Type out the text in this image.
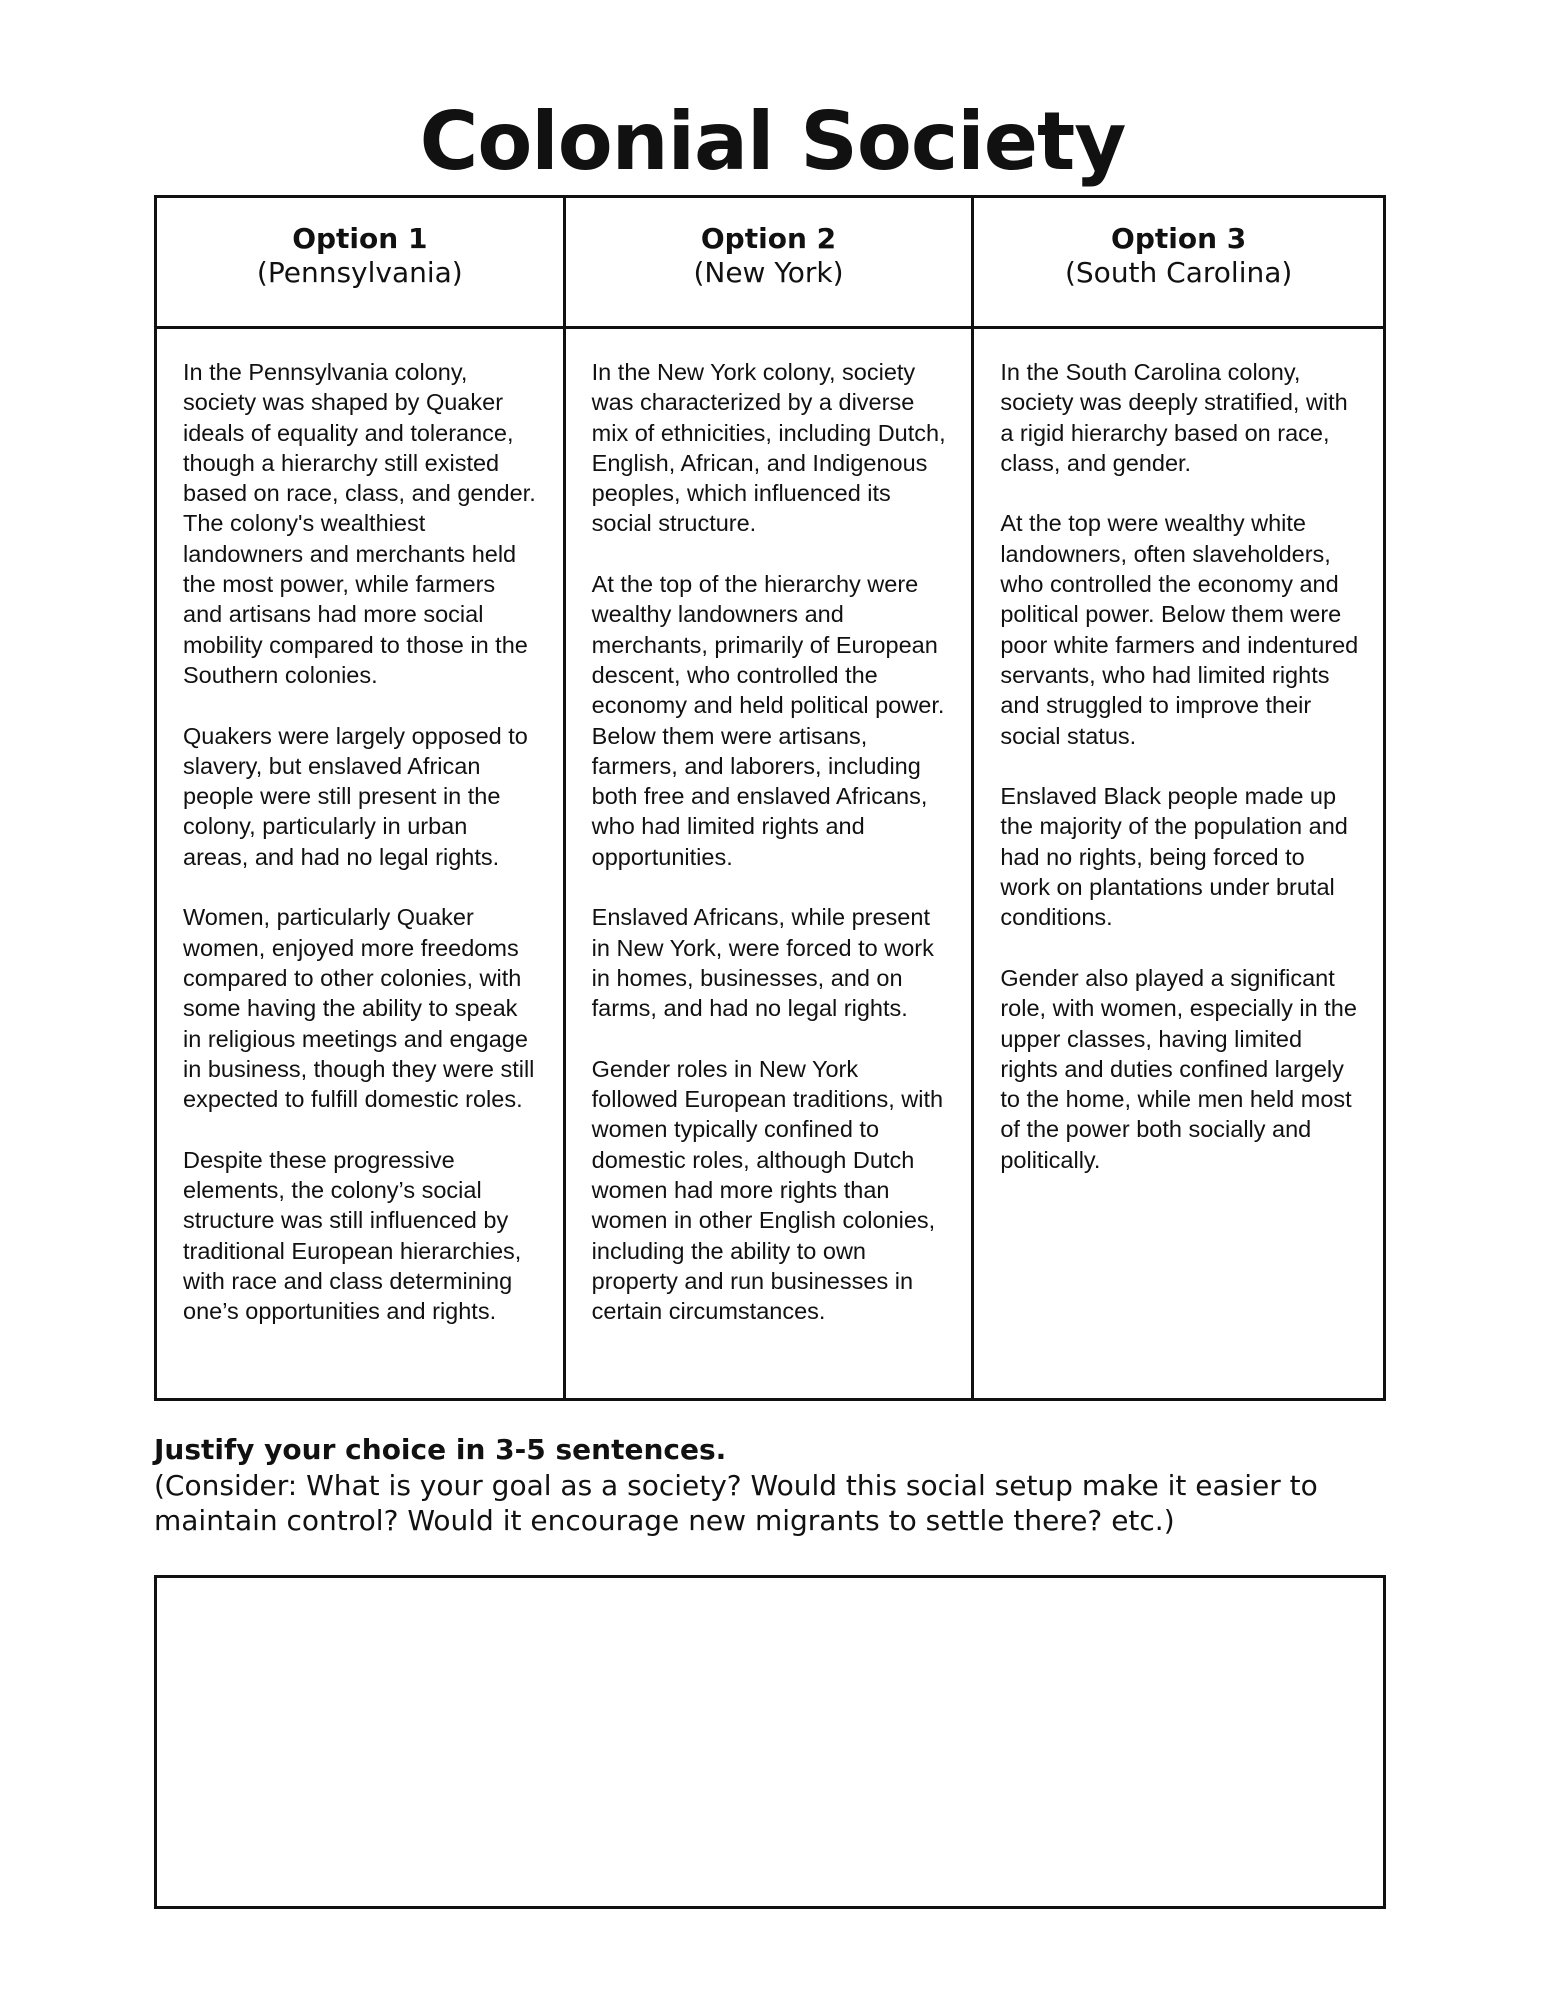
Colonial Society
Option 1
(Pennsylvania)
Option 2
(New York)
Option 3
(South Carolina)

In the Pennsylvania colony, society was shaped by Quaker ideals of equality and tolerance, though a hierarchy still existed based on race, class, and gender. The colony's wealthiest landowners and merchants held the most power, while farmers and artisans had more social mobility compared to those in the Southern colonies.

Quakers were largely opposed to slavery, but enslaved African people were still present in the colony, particularly in urban areas, and had no legal rights.

Women, particularly Quaker women, enjoyed more freedoms compared to other colonies, with some having the ability to speak in religious meetings and engage in business, though they were still expected to fulfill domestic roles.

Despite these progressive elements, the colony’s social structure was still influenced by traditional European hierarchies, with race and class determining one’s opportunities and rights.

In the New York colony, society was characterized by a diverse mix of ethnicities, including Dutch, English, African, and Indigenous peoples, which influenced its social structure.

At the top of the hierarchy were wealthy landowners and merchants, primarily of European descent, who controlled the economy and held political power. Below them were artisans, farmers, and laborers, including both free and enslaved Africans, who had limited rights and opportunities.

Enslaved Africans, while present in New York, were forced to work in homes, businesses, and on farms, and had no legal rights.

Gender roles in New York followed European traditions, with women typically confined to domestic roles, although Dutch women had more rights than women in other English colonies, including the ability to own property and run businesses in certain circumstances.

In the South Carolina colony, society was deeply stratified, with a rigid hierarchy based on race, class, and gender.

At the top were wealthy white landowners, often slaveholders, who controlled the economy and political power. Below them were poor white farmers and indentured servants, who had limited rights and struggled to improve their social status.

Enslaved Black people made up the majority of the population and had no rights, being forced to work on plantations under brutal conditions.

Gender also played a significant role, with women, especially in the upper classes, having limited rights and duties confined largely to the home, while men held most of the power both socially and politically.

Justify your choice in 3-5 sentences.

(Consider: What is your goal as a society? Would this social setup make it easier to maintain control? Would it encourage new migrants to settle there? etc.)
